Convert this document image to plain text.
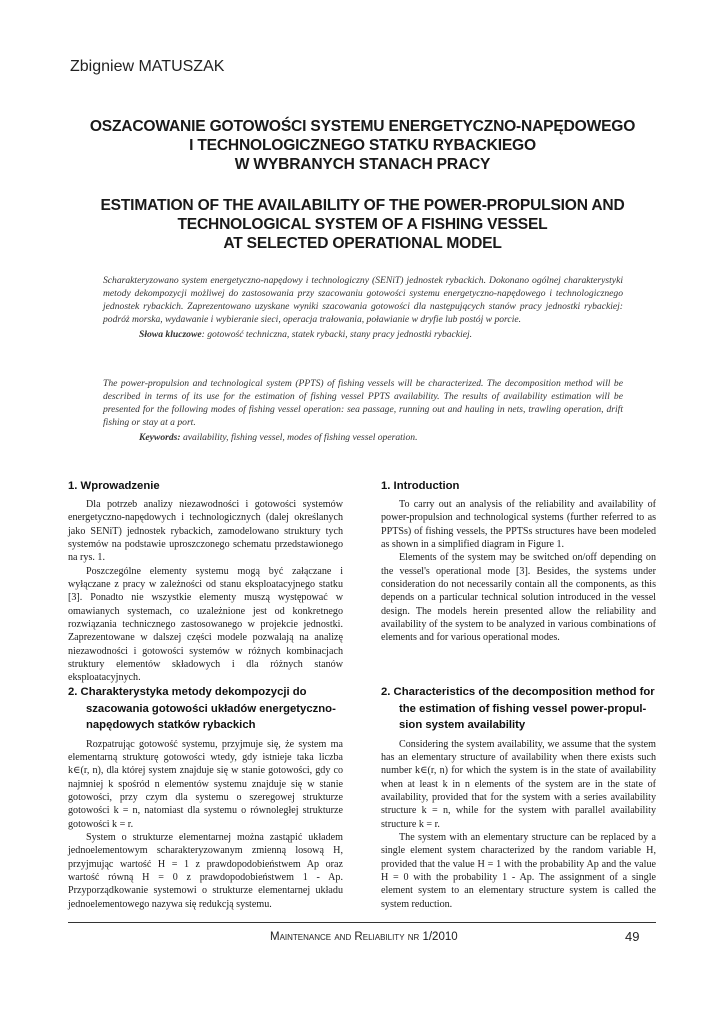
Zbigniew MATUSZAK
OSZACOWANIE GOTOWOŚCI SYSTEMU ENERGETYCZNO-NAPĘDOWEGO
I TECHNOLOGICZNEGO STATKU RYBACKIEGO
W WYBRANYCH STANACH PRACY
ESTIMATION OF THE AVAILABILITY OF THE POWER-PROPULSION AND
TECHNOLOGICAL SYSTEM OF A FISHING VESSEL
AT SELECTED OPERATIONAL MODEL
Scharakteryzowano system energetyczno-napędowy i technologiczny (SENiT) jednostek rybackich. Dokonano ogólnej charakterystyki metody dekompozycji możliwej do zastosowania przy szacowaniu gotowości systemu energetyczno-napędowego i technologicznego jednostek rybackich. Zaprezentowano uzyskane wyniki szacowania gotowości dla następujących stanów pracy jednostki rybackiej: podróż morska, wydawanie i wybieranie sieci, operacja trałowania, poławianie w dryfie lub postój w porcie.
Słowa kluczowe: gotowość techniczna, statek rybacki, stany pracy jednostki rybackiej.
The power-propulsion and technological system (PPTS) of fishing vessels will be characterized. The decomposition method will be described in terms of its use for the estimation of fishing vessel PPTS availability. The results of availability estimation will be presented for the following modes of fishing vessel operation: sea passage, running out and hauling in nets, trawling operation, drift fishing or stay at a port.
Keywords: availability, fishing vessel, modes of fishing vessel operation.
1. Wprowadzenie

Dla potrzeb analizy niezawodności i gotowości systemów energetyczno-napędowych i technologicznych (dalej określanych jako SENiT) jednostek rybackich, zamodelowano struktury tych systemów na podstawie uproszczonego schematu przedstawionego na rys. 1.

Poszczególne elementy systemu mogą być załączane i wyłączane z pracy w zależności od stanu eksploatacyjnego statku [3]. Ponadto nie wszystkie elementy muszą występować w omawianych systemach, co uzależnione jest od konkretnego rozwiązania technicznego zastosowanego w projekcie jednostki. Zaprezentowane w dalszej części modele pozwalają na analizę niezawodności i gotowości systemów w różnych kombinacjach struktury elementów składowych i dla różnych stanów eksploatacyjnych.

2. Charakterystyka metody dekompozycji do
szacowania gotowości układów energetyczno-
napędowych statków rybackich

Rozpatrując gotowość systemu, przyjmuje się, że system ma elementarną strukturę gotowości wtedy, gdy istnieje taka liczba k∈(r, n), dla której system znajduje się w stanie gotowości, gdy co najmniej k spośród n elementów systemu znajduje się w stanie gotowości, przy czym dla systemu o szeregowej strukturze gotowości k = n, natomiast dla systemu o równoległej strukturze gotowości k = r.

System o strukturze elementarnej można zastąpić układem jednoelementowym scharakteryzowanym zmienną losową H, przyjmując wartość H = 1 z prawdopodobieństwem Ap oraz wartość równą H = 0 z prawdopodobieństwem 1 - Ap. Przyporządkowanie systemowi o strukturze elementarnej układu jednoelementowego nazywa się redukcją systemu.

1. Introduction

To carry out an analysis of the reliability and availability of power-propulsion and technological systems (further referred to as PPTSs) of fishing vessels, the PPTSs structures have been modeled as shown in a simplified diagram in Figure 1.

Elements of the system may be switched on/off depending on the vessel's operational mode [3]. Besides, the systems under consideration do not necessarily contain all the components, as this depends on a particular technical solution introduced in the vessel design. The models herein presented allow the reliability and availability of the system to be analyzed in various combinations of elements and for various operational modes.

2. Characteristics of the decomposition method for
the estimation of fishing vessel power-propul-
sion system availability

Considering the system availability, we assume that the system has an elementary structure of availability when there exists such number k∈(r, n) for which the system is in the state of availability when at least k in n elements of the system are in the state of availability, provided that for the system with a series availability structure k = n, while for the system with parallel availability structure k = r.

The system with an elementary structure can be replaced by a single element system characterized by the random variable H, provided that the value H = 1 with the probability Ap and the value H = 0 with the probability 1 - Ap. The assignment of a single element system to an elementary structure system is called the system reduction.

Maintenance and Reliability nr 1/2010	49
